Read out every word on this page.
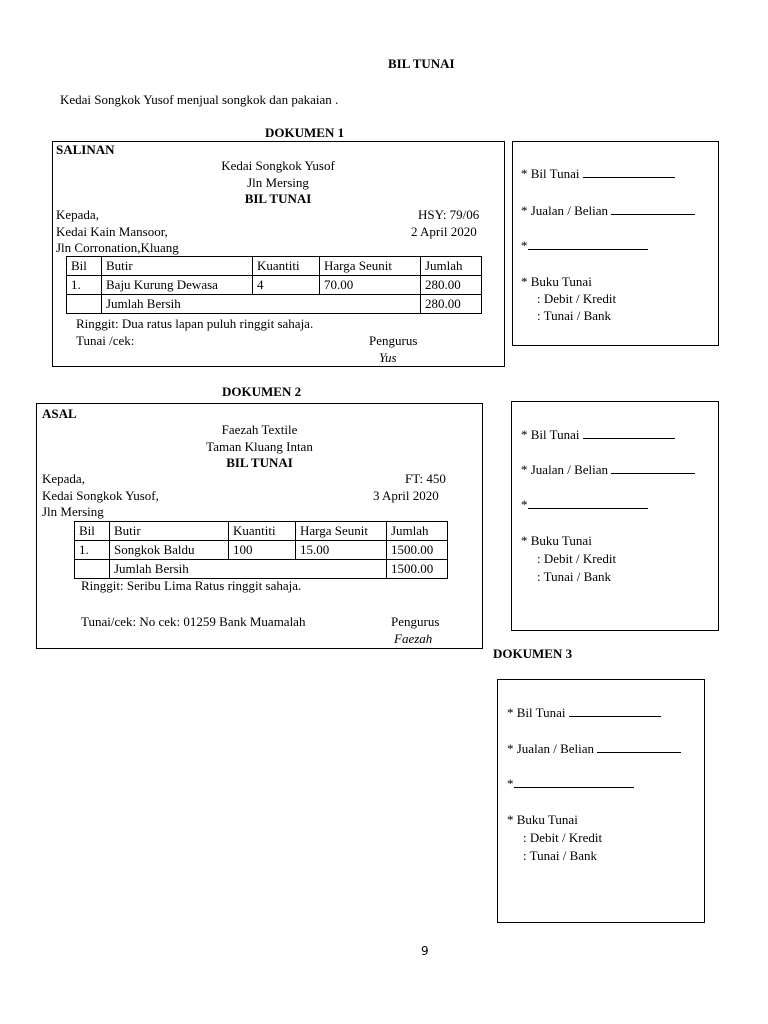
BIL TUNAI
Kedai Songkok Yusof menjual songkok dan pakaian .
DOKUMEN 1
SALINAN
Kedai Songkok Yusof
Jln Mersing
BIL TUNAI
Kepada,	HSY: 79/06
Kedai Kain Mansoor,	2 April 2020
Jln Corronation,Kluang
Bil	Butir	Kuantiti	Harga Seunit	Jumlah
1.	Baju Kurung Dewasa	4	70.00	280.00
	Jumlah Bersih			280.00
Ringgit: Dua ratus lapan puluh ringgit sahaja.
Tunai /cek:	Pengurus
Yus
* Bil Tunai
* Jualan / Belian
*
* Buku Tunai
: Debit / Kredit
: Tunai / Bank
DOKUMEN 2
ASAL
Faezah Textile
Taman Kluang Intan
BIL TUNAI
Kepada,	FT: 450
Kedai Songkok Yusof,	3 April 2020
Jln Mersing
Bil	Butir	Kuantiti	Harga Seunit	Jumlah
1.	Songkok Baldu	100	15.00	1500.00
	Jumlah Bersih			1500.00
Ringgit: Seribu Lima Ratus ringgit sahaja.
Tunai/cek: No cek: 01259 Bank Muamalah	Pengurus
Faezah
* Bil Tunai
* Jualan / Belian
*
* Buku Tunai
: Debit / Kredit
: Tunai / Bank
DOKUMEN 3
* Bil Tunai
* Jualan / Belian
*
* Buku Tunai
: Debit / Kredit
: Tunai / Bank
9
